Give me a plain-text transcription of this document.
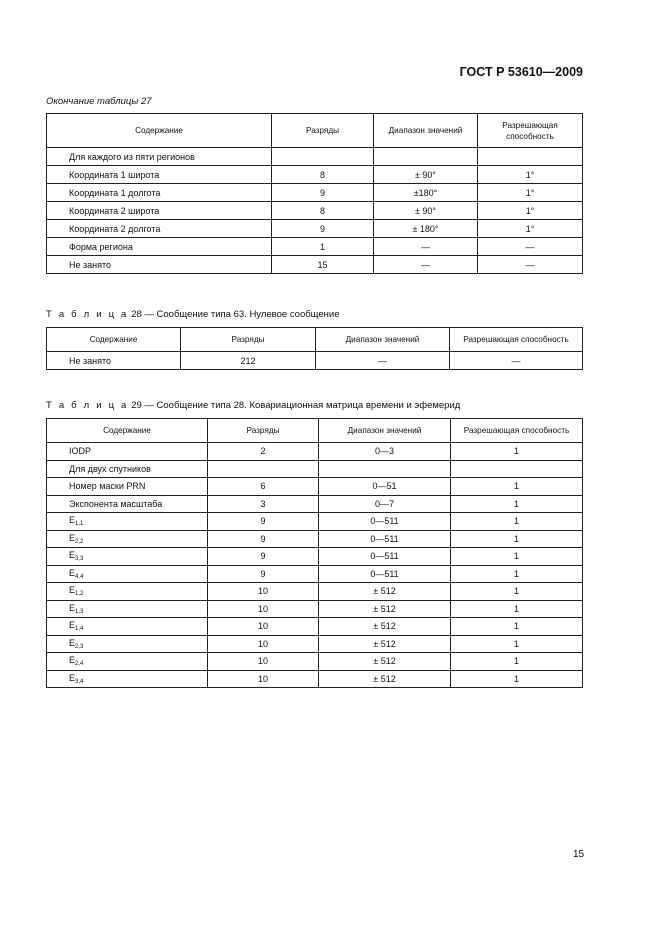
ГОСТ Р 53610—2009
Окончание таблицы 27
Содержание	Разряды	Диапазон значений	Разрешающая способность
Для каждого из пяти регионов			
Координата 1 широта	8	± 90°	1°
Координата 1 долгота	9	±180°	1°
Координата 2 широта	8	± 90°	1°
Координата 2 долгота	9	± 180°	1°
Форма региона	1	—	—
Не занято	15	—	—
Т а б л и ц а 28 — Сообщение типа 63. Нулевое сообщение
Содержание	Разряды	Диапазон значений	Разрешающая способность
Не занято	212	—	—
Т а б л и ц а 29 — Сообщение типа 28. Ковариационная матрица времени и эфемерид
Содержание	Разряды	Диапазон значений	Разрешающая способность
IODP	2	0—3	1
Для двух спутников			
Номер маски PRN	6	0—51	1
Экспонента масштаба	3	0—7	1
$E_{1,1}$	9	0—511	1
$E_{2,2}$	9	0—511	1
$E_{3,3}$	9	0—511	1
$E_{4,4}$	9	0—511	1
$E_{1,2}$	10	± 512	1
$E_{1,3}$	10	± 512	1
$E_{1,4}$	10	± 512	1
$E_{2,3}$	10	± 512	1
$E_{2,4}$	10	± 512	1
$E_{3,4}$	10	± 512	1
15
